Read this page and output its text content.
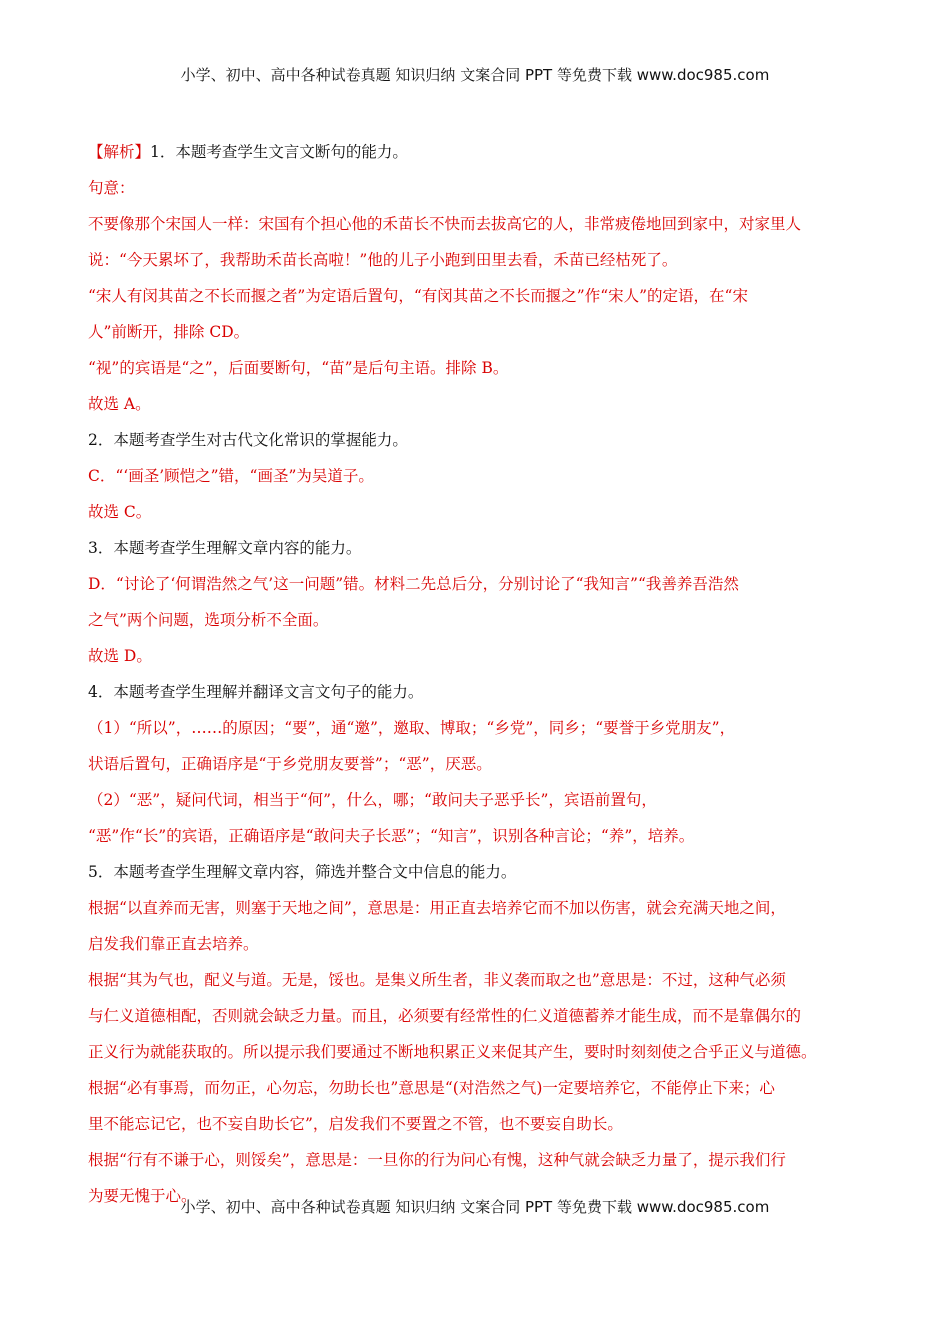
小学、初中、高中各种试卷真题 知识归纳 文案合同 PPT 等免费下载 www.doc985.com

【解析】1．本题考查学生文言文断句的能力。

句意：

不要像那个宋国人一样：宋国有个担心他的禾苗长不快而去拔高它的人，非常疲倦地回到家中，对家里人

说：“今天累坏了，我帮助禾苗长高啦！”他的儿子小跑到田里去看，禾苗已经枯死了。

“宋人有闵其苗之不长而揠之者”为定语后置句，“有闵其苗之不长而揠之”作“宋人”的定语，在“宋

人”前断开，排除 CD。

“视”的宾语是“之”，后面要断句，“苗”是后句主语。排除 B。

故选 A。

2．本题考查学生对古代文化常识的掌握能力。

C．“‘画圣’顾恺之”错，“画圣”为吴道子。

故选 C。

3．本题考查学生理解文章内容的能力。

D．“讨论了‘何谓浩然之气’这一问题”错。材料二先总后分，分别讨论了“我知言”“我善养吾浩然

之气”两个问题，选项分析不全面。

故选 D。

4．本题考查学生理解并翻译文言文句子的能力。

（1）“所以”，……的原因；“要”，通“邀”，邀取、博取；“乡党”，同乡；“要誉于乡党朋友”，

状语后置句，正确语序是“于乡党朋友要誉”；“恶”，厌恶。

（2）“恶”，疑问代词，相当于“何”，什么，哪；“敢问夫子恶乎长”，宾语前置句，

“恶”作“长”的宾语，正确语序是“敢问夫子长恶”；“知言”，识别各种言论；“养”，培养。

5．本题考查学生理解文章内容，筛选并整合文中信息的能力。

根据“以直养而无害，则塞于天地之间”，意思是：用正直去培养它而不加以伤害，就会充满天地之间，

启发我们靠正直去培养。

根据“其为气也，配义与道。无是，馁也。是集义所生者，非义袭而取之也”意思是：不过，这种气必须

与仁义道德相配，否则就会缺乏力量。而且，必须要有经常性的仁义道德蓄养才能生成，而不是靠偶尔的

正义行为就能获取的。所以提示我们要通过不断地积累正义来促其产生，要时时刻刻使之合乎正义与道德。

根据“必有事焉，而勿正，心勿忘，勿助长也”意思是“(对浩然之气)一定要培养它，不能停止下来；心

里不能忘记它，也不妄自助长它”，启发我们不要置之不管，也不要妄自助长。

根据“行有不谦于心，则馁矣”，意思是：一旦你的行为问心有愧，这种气就会缺乏力量了，提示我们行

为要无愧于心。

小学、初中、高中各种试卷真题 知识归纳 文案合同 PPT 等免费下载 www.doc985.com
